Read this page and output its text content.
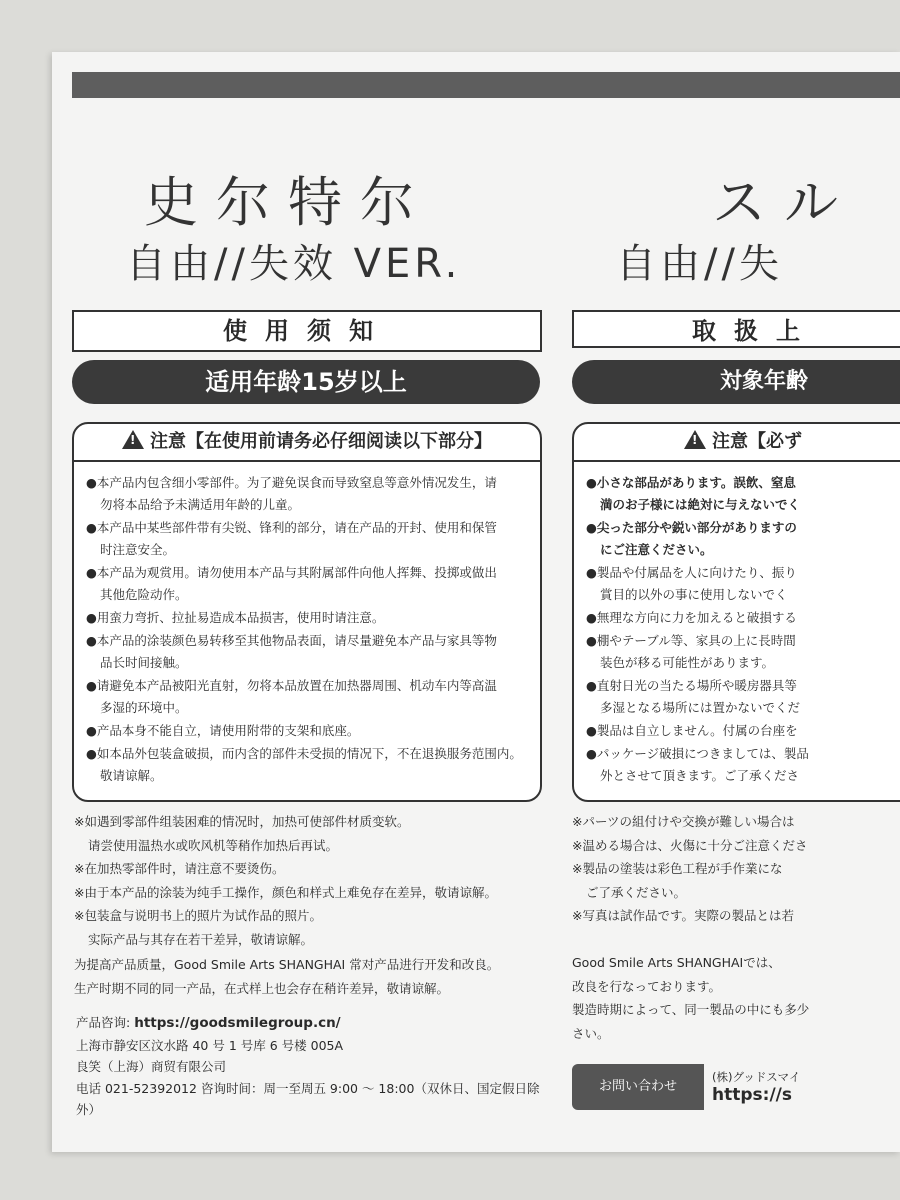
史尔特尔
自由//失效 VER.
使用须知
适用年龄15岁以上
!注意【在使用前请务必仔细阅读以下部分】
●本产品内包含细小零部件。为了避免误食而导致窒息等意外情况发生，请
勿将本品给予未满适用年龄的儿童。
●本产品中某些部件带有尖锐、锋利的部分，请在产品的开封、使用和保管
时注意安全。
●本产品为观赏用。请勿使用本产品与其附属部件向他人挥舞、投掷或做出
其他危险动作。
●用蛮力弯折、拉扯易造成本品损害，使用时请注意。
●本产品的涂装颜色易转移至其他物品表面，请尽量避免本产品与家具等物
品长时间接触。
●请避免本产品被阳光直射，勿将本品放置在加热器周围、机动车内等高温
多湿的环境中。
●产品本身不能自立，请使用附带的支架和底座。
●如本品外包装盒破损，而内含的部件未受损的情况下，不在退换服务范围内。
敬请谅解。
※如遇到零部件组装困难的情况时，加热可使部件材质变软。
请尝使用温热水或吹风机等稍作加热后再试。
※在加热零部件时，请注意不要烫伤。
※由于本产品的涂装为纯手工操作，颜色和样式上难免存在差异，敬请谅解。
※包装盒与说明书上的照片为试作品的照片。
实际产品与其存在若干差异，敬请谅解。
为提高产品质量，Good Smile Arts SHANGHAI 常对产品进行开发和改良。
生产时期不同的同一产品，在式样上也会存在稍许差异，敬请谅解。
产品咨询: https://goodsmilegroup.cn/
上海市静安区汶水路 40 号 1 号库 6 号楼 005A
良笑（上海）商贸有限公司
电话 021-52392012 咨询时间：周一至周五 9:00 ～ 18:00（双休日、国定假日除外）
スル
自由//失
取扱上
対象年齢
!注意【必ず
●小さな部品があります。誤飲、窒息
満のお子様には絶対に与えないでく
●尖った部分や鋭い部分がありますの
にご注意ください。
●製品や付属品を人に向けたり、振り
賞目的以外の事に使用しないでく
●無理な方向に力を加えると破損する
●棚やテーブル等、家具の上に長時間
装色が移る可能性があります。
●直射日光の当たる場所や暖房器具等
多湿となる場所には置かないでくだ
●製品は自立しません。付属の台座を
●パッケージ破損につきましては、製品
外とさせて頂きます。ご了承くださ
※パーツの組付けや交換が難しい場合は
※温める場合は、火傷に十分ご注意くださ
※製品の塗装は彩色工程が手作業にな
ご了承ください。
※写真は試作品です。実際の製品とは若

Good Smile Arts SHANGHAIでは、
改良を行なっております。
製造時期によって、同一製品の中にも多少
さい。
お問い合わせ
(株)グッドスマイ
https://s
